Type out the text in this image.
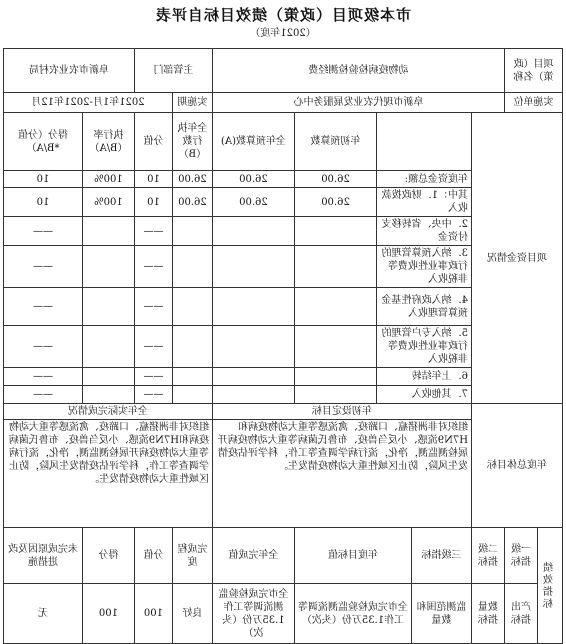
市本级项目（政策）绩效目标自评表
（2021年度）
项目（政策）名称		动物疫病检验检测经费					主管部门		阜新市农业农村局	
实施单位		阜新市现代农业发展服务中心					实施期	2021年1月-2021年12月		
项目资金情况					年初预算数	全年预算数(A)	全年执行数（B）	分值	执行率（B/A）	得分（分值*B/A）
			年度资金总额:		26.00	26.00	26.00	10	100%	10
			其中：1．财政拨款收入		26.00	26.00	26.00	10	100%	10
			2．中央、省转移支付资金					——		——
			3．纳入预算管理的行政事业性收费等非税收入					——		——
			4．纳入政府性基金预算管理收入					——		——
			5．纳入专户管理的行政事业性收费等非税收入					——		——
			6．上年结转					——		——
			7．其他收入					——		——
年度总体目标			年初设定目标				全年实际完成情况			
			组织对非洲猪瘟、口蹄疫、禽流感等重大动物疫病和H7N9流感、小反刍兽疫、布鲁氏菌病等重大动物疫病开展检测监测，净化，流行病学调查等工作，科学评估疫情发生风险，防止区域性重大动物疫情发生。				组织对非洲猪瘟、口蹄疫、禽流感等重大动物疫病和H7N9流感、小反刍兽疫、布鲁氏菌病等重大动物疫病开展检测监测，净化，流行病学调查等工作，科学评估疫情发生风险，防止区域性重大动物疫情发生。			
绩效指标	一级指标	二级指标	三级指标	年度目标值		全年完成值	完成程度	分值	得分	未完成原因及改进措施
	产出指标	数量指标	监测范围和数量	全市完成检验监测流调等工作1.35万份（头次）		全市完成检验监测流调等工作1.35万份（头次）	良好	100	100	无
